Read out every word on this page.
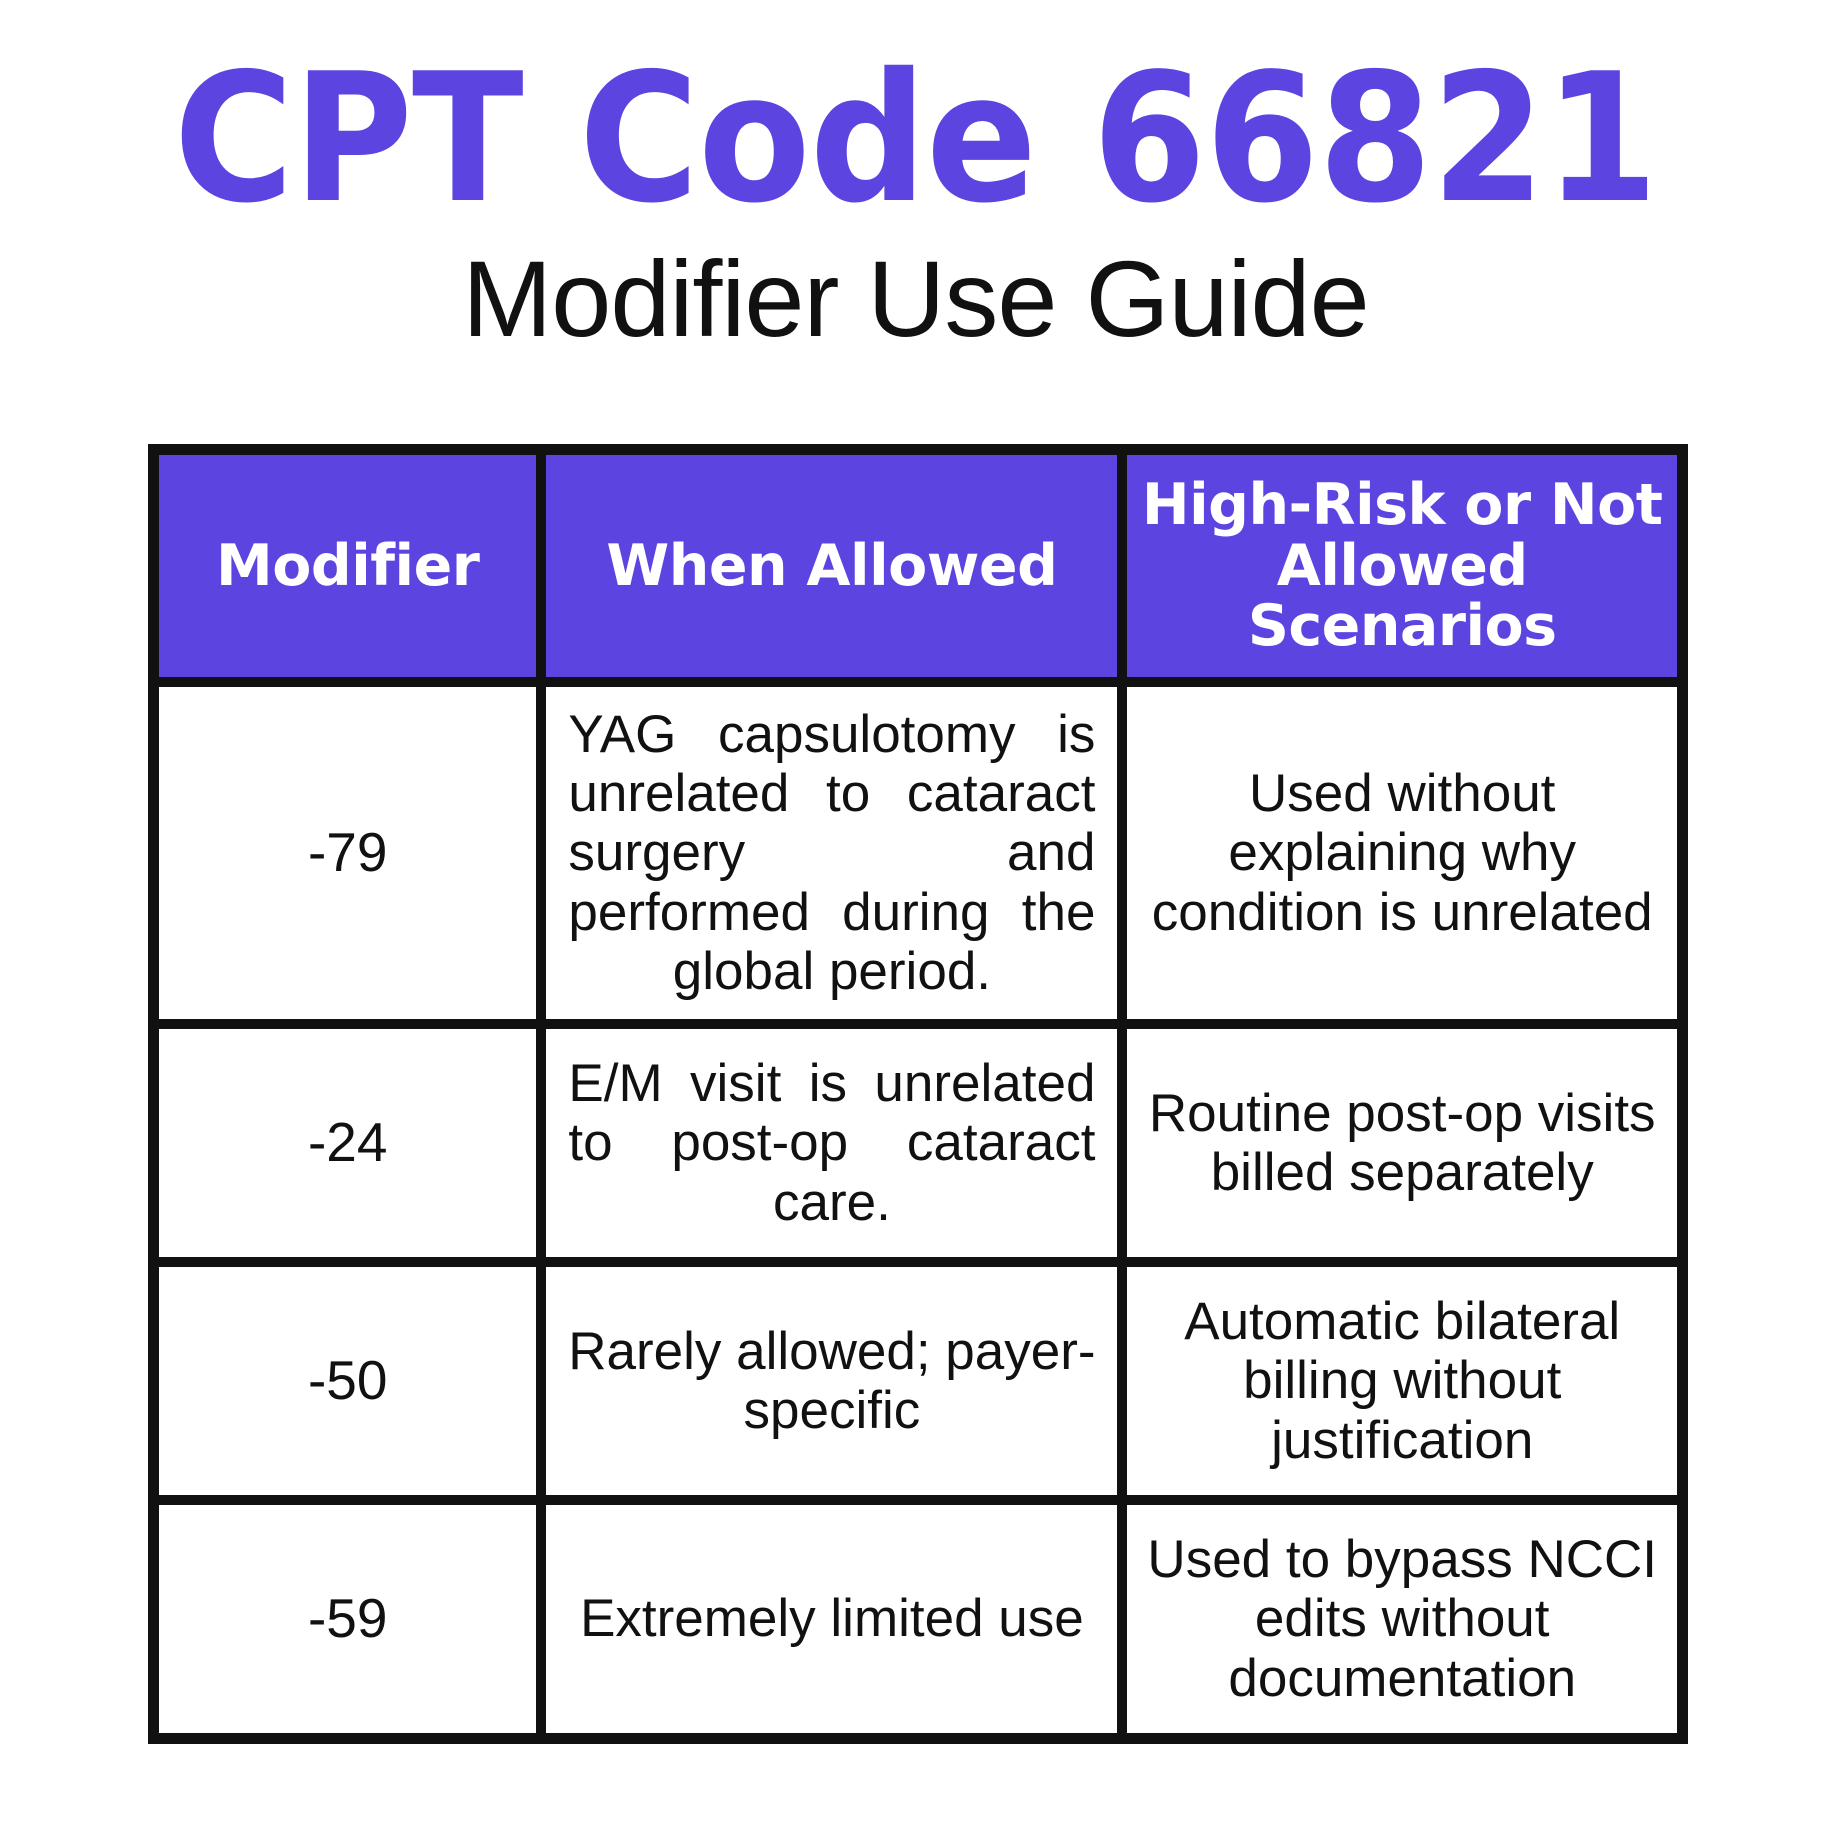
CPT Code 66821
Modifier Use Guide
Modifier	When Allowed	High-Risk or Not Allowed Scenarios
-79	YAG capsulotomy is unrelated to cataract surgery and performed during the global period.	Used without explaining why condition is unrelated
-24	E/M visit is unrelated to post-op cataract care.	Routine post-op visits billed separately
-50	Rarely allowed; payer-specific	Automatic bilateral billing without justification
-59	Extremely limited use	Used to bypass NCCI edits without documentation
